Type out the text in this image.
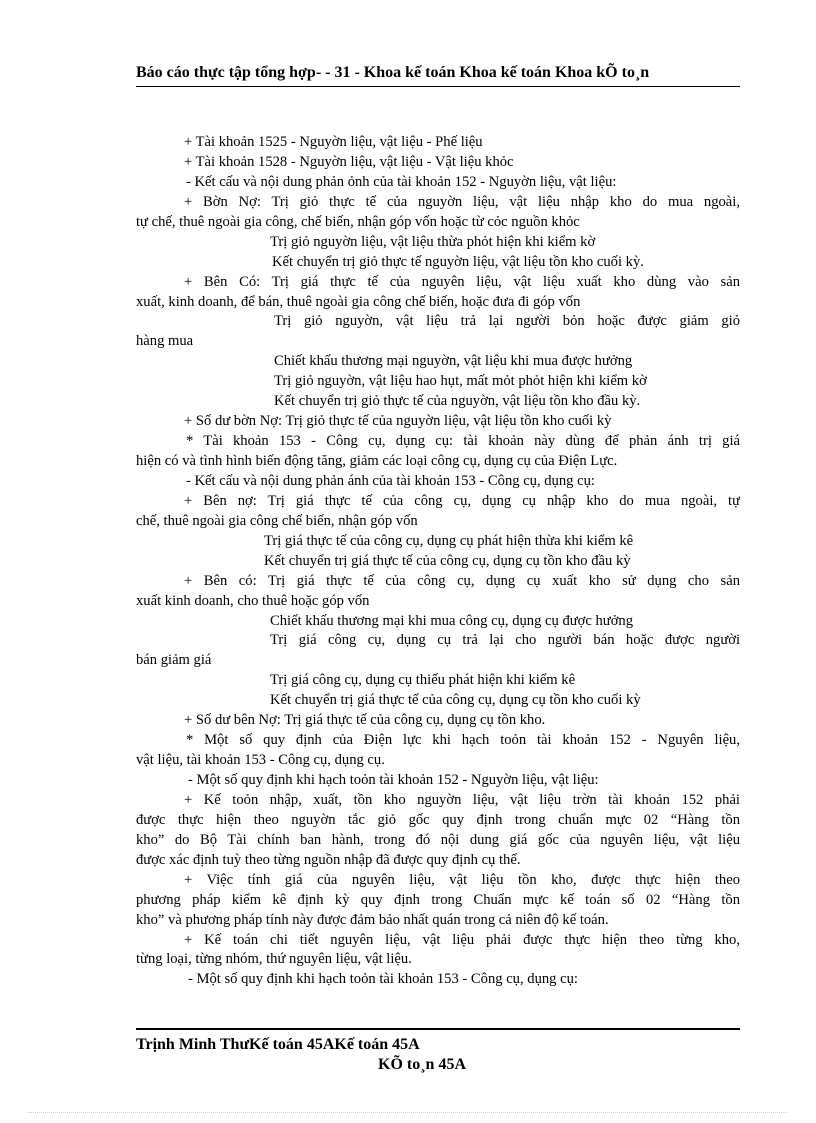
Báo cáo thực tập tổng hợp- - 31 - Khoa kế toán Khoa kế toán Khoa kÕ to¸n
+ Tài khoản 1525 - Nguyờn liệu, vật liệu - Phế liệu
+ Tài khoản 1528 - Nguyờn liệu, vật liệu - Vật liệu khỏc
- Kết cấu và nội dung phản ỏnh của tài khoản 152 - Nguyờn liệu, vật liệu:
+ Bờn Nợ: Trị giỏ thực tế của nguyờn liệu, vật liệu nhập kho do mua ngoài,
tự chế, thuê ngoài gia công, chế biến, nhận góp vốn hoặc từ cỏc nguồn khỏc
Trị giỏ nguyờn liệu, vật liệu thừa phỏt hiện khi kiểm kờ
Kết chuyển trị giỏ thực tế nguyờn liệu, vật liệu tồn kho cuối kỳ.
+ Bên Có: Trị giá thực tế của nguyên liệu, vật liệu xuất kho dùng vào sản
xuất, kinh doanh, để bán, thuê ngoài gia công chế biến, hoặc đưa đi góp vốn
Trị giỏ nguyờn, vật liệu trả lại người bỏn hoặc được giảm giỏ
hàng mua
Chiết khấu thương mại nguyờn, vật liệu khi mua được hưởng
Trị giỏ nguyờn, vật liệu hao hụt, mất mỏt phỏt hiện khi kiểm kờ
Kết chuyển trị giỏ thực tế của nguyờn, vật liệu tồn kho đầu kỳ.
+ Số dư bờn Nợ: Trị giỏ thực tế của nguyờn liệu, vật liệu tồn kho cuối kỳ
* Tài khoản 153 - Công cụ, dụng cụ: tài khoản này dùng để phản ánh trị giá
hiện có và tình hình biến động tăng, giảm các loại công cụ, dụng cụ của Điện Lực.
- Kết cấu và nội dung phản ánh của tài khoản 153 - Công cụ, dụng cụ:
+ Bên nợ: Trị giá thực tế của công cụ, dụng cụ nhập kho do mua ngoài, tự
chế, thuê ngoài gia công chế biến, nhận góp vốn
Trị giá thực tế của công cụ, dụng cụ phát hiện thừa khi kiểm kê
Kết chuyển trị giá thực tế của công cụ, dụng cụ tồn kho đầu kỳ
+ Bên có: Trị giá thực tế của công cụ, dụng cụ xuất kho sử dụng cho sản
xuất kinh doanh, cho thuê hoặc góp vốn
Chiết khấu thương mại khi mua công cụ, dụng cụ được hưởng
Trị giá công cụ, dụng cụ trả lại cho người bán hoặc được người
bán giảm giá
Trị giá công cụ, dụng cụ thiếu phát hiện khi kiểm kê
Kết chuyển trị giá thực tế của công cụ, dụng cụ tồn kho cuối kỳ
+ Số dư bên Nợ: Trị giá thực tế của công cụ, dụng cụ tồn kho.
* Một số quy định của Điện lực khi hạch toỏn tài khoản 152 - Nguyên liệu,
vật liệu, tài khoản 153 - Công cụ, dụng cụ.
- Một số quy định khi hạch toỏn tài khoản 152 - Nguyờn liệu, vật liệu:
+ Kế toỏn nhập, xuất, tồn kho nguyờn liệu, vật liệu trờn tài khoản 152 phải
được thực hiện theo nguyờn tắc giỏ gốc quy định trong chuẩn mực 02 “Hàng tồn
kho” do Bộ Tài chính ban hành, trong đó nội dung giá gốc của nguyên liệu, vật liệu
được xác định tuỳ theo từng nguồn nhập đã được quy định cụ thể.
+ Việc tính giá của nguyên liệu, vật liệu tồn kho, được thực hiện theo
phương pháp kiểm kê định kỳ quy định trong Chuẩn mực kế toán số 02 “Hàng tồn
kho” và phương pháp tính này được đảm bảo nhất quán trong cả niên độ kế toán.
+ Kế toán chi tiết nguyên liệu, vật liệu phải được thực hiện theo từng kho,
từng loại, từng nhóm, thứ nguyên liệu, vật liệu.
- Một số quy định khi hạch toỏn tài khoản 153 - Công cụ, dụng cụ:
Trịnh Minh ThưKế toán 45AKế toán 45A
KÕ to¸n 45A
